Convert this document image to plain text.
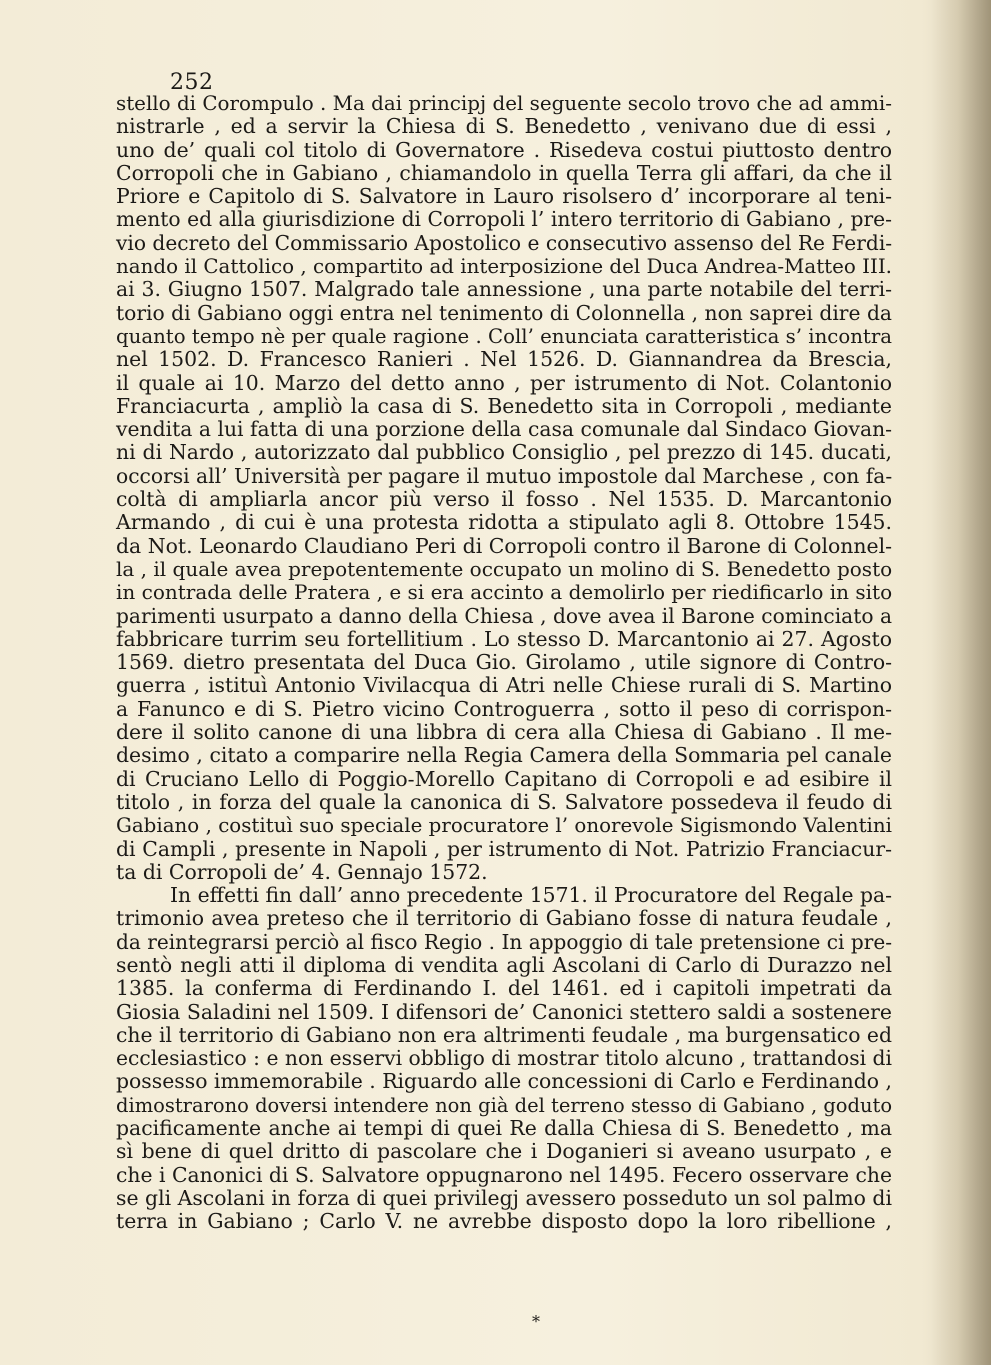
252
stello di Corompulo . Ma dai principj del seguente secolo trovo che ad ammi-
nistrarle , ed a servir la Chiesa di S. Benedetto , venivano due di essi ,
uno de’ quali col titolo di Governatore . Risedeva costui piuttosto dentro
Corropoli che in Gabiano , chiamandolo in quella Terra gli affari, da che il
Priore e Capitolo di S. Salvatore in Lauro risolsero d’ incorporare al teni-
mento ed alla giurisdizione di Corropoli l’ intero territorio di Gabiano , pre-
vio decreto del Commissario Apostolico e consecutivo assenso del Re Ferdi-
nando il Cattolico , compartito ad interposizione del Duca Andrea-Matteo III.
ai 3. Giugno 1507. Malgrado tale annessione , una parte notabile del terri-
torio di Gabiano oggi entra nel tenimento di Colonnella , non saprei dire da
quanto tempo nè per quale ragione . Coll’ enunciata caratteristica s’ incontra
nel 1502. D. Francesco Ranieri . Nel 1526. D. Giannandrea da Brescia,
il quale ai 10. Marzo del detto anno , per istrumento di Not. Colantonio
Franciacurta , ampliò la casa di S. Benedetto sita in Corropoli , mediante
vendita a lui fatta di una porzione della casa comunale dal Sindaco Giovan-
ni di Nardo , autorizzato dal pubblico Consiglio , pel prezzo di 145. ducati,
occorsi all’ Università per pagare il mutuo impostole dal Marchese , con fa-
coltà di ampliarla ancor più verso il fosso . Nel 1535. D. Marcantonio
Armando , di cui è una protesta ridotta a stipulato agli 8. Ottobre 1545.
da Not. Leonardo Claudiano Peri di Corropoli contro il Barone di Colonnel-
la , il quale avea prepotentemente occupato un molino di S. Benedetto posto
in contrada delle Pratera , e si era accinto a demolirlo per riedificarlo in sito
parimenti usurpato a danno della Chiesa , dove avea il Barone cominciato a
fabbricare turrim seu fortellitium . Lo stesso D. Marcantonio ai 27. Agosto
1569. dietro presentata del Duca Gio. Girolamo , utile signore di Contro-
guerra , istituì Antonio Vivilacqua di Atri nelle Chiese rurali di S. Martino
a Fanunco e di S. Pietro vicino Controguerra , sotto il peso di corrispon-
dere il solito canone di una libbra di cera alla Chiesa di Gabiano . Il me-
desimo , citato a comparire nella Regia Camera della Sommaria pel canale
di Cruciano Lello di Poggio-Morello Capitano di Corropoli e ad esibire il
titolo , in forza del quale la canonica di S. Salvatore possedeva il feudo di
Gabiano , costituì suo speciale procuratore l’ onorevole Sigismondo Valentini
di Campli , presente in Napoli , per istrumento di Not. Patrizio Franciacur-
ta di Corropoli de’ 4. Gennajo 1572.
In effetti fin dall’ anno precedente 1571. il Procuratore del Regale pa-
trimonio avea preteso che il territorio di Gabiano fosse di natura feudale ,
da reintegrarsi perciò al fisco Regio . In appoggio di tale pretensione ci pre-
sentò negli atti il diploma di vendita agli Ascolani di Carlo di Durazzo nel
1385. la conferma di Ferdinando I. del 1461. ed i capitoli impetrati da
Giosia Saladini nel 1509. I difensori de’ Canonici stettero saldi a sostenere
che il territorio di Gabiano non era altrimenti feudale , ma burgensatico ed
ecclesiastico : e non esservi obbligo di mostrar titolo alcuno , trattandosi di
possesso immemorabile . Riguardo alle concessioni di Carlo e Ferdinando ,
dimostrarono doversi intendere non già del terreno stesso di Gabiano , goduto
pacificamente anche ai tempi di quei Re dalla Chiesa di S. Benedetto , ma
sì bene di quel dritto di pascolare che i Doganieri si aveano usurpato , e
che i Canonici di S. Salvatore oppugnarono nel 1495. Fecero osservare che
se gli Ascolani in forza di quei privilegj avessero posseduto un sol palmo di
terra in Gabiano ; Carlo V. ne avrebbe disposto dopo la loro ribellione ,
*
